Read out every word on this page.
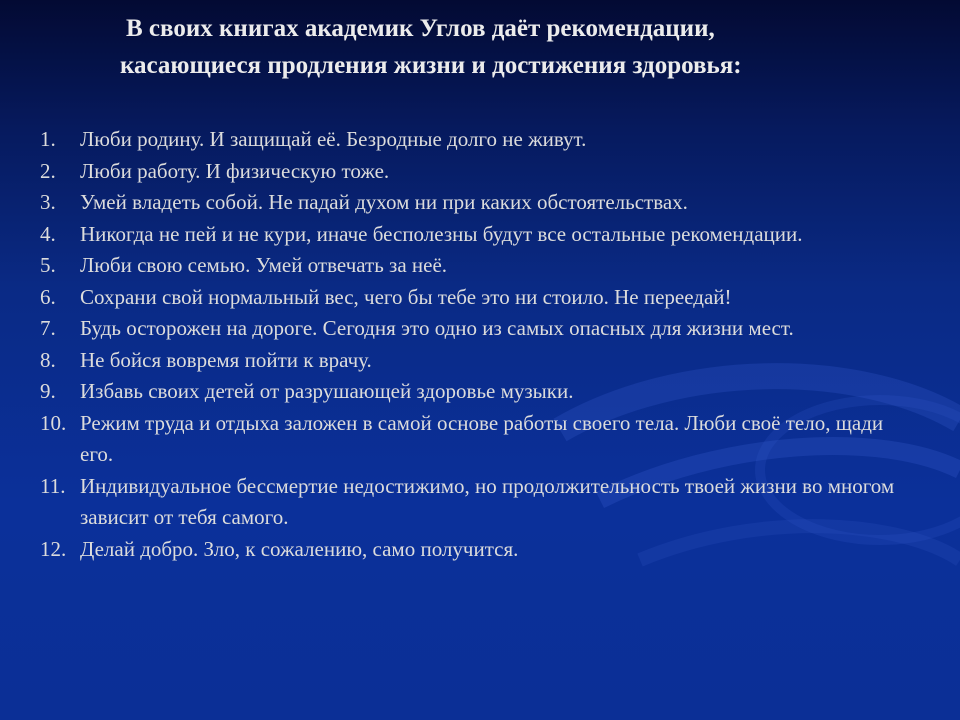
В своих книгах академик Углов даёт рекомендации,
касающиеся продления жизни и достижения здоровья:
1.	Люби родину. И защищай её. Безродные долго не живут.
2.	Люби работу. И физическую тоже.
3.	Умей владеть собой. Не падай духом ни при каких обстоятельствах.
4.	Никогда не пей и не кури, иначе бесполезны будут все остальные рекомендации.
5.	Люби свою семью. Умей отвечать за неё.
6.	Сохрани свой нормальный вес, чего бы тебе это ни стоило. Не переедай!
7.	Будь осторожен на дороге. Сегодня это одно из самых опасных для жизни мест.
8.	Не бойся вовремя пойти к врачу.
9.	Избавь своих детей от разрушающей здоровье музыки.
10. Режим труда и отдыха заложен в самой основе работы своего тела. Люби своё тело, щади его.
11. Индивидуальное бессмертие недостижимо, но продолжительность твоей жизни во многом зависит от тебя самого.
12. Делай добро. Зло, к сожалению, само получится.
